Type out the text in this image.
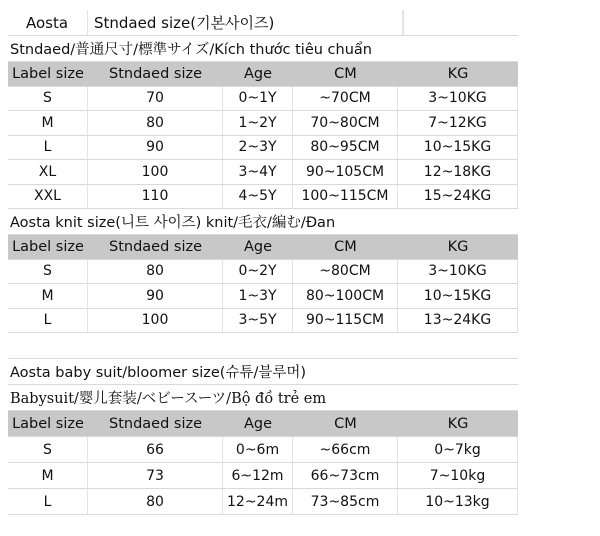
Aosta	Stndaed size(기본사이즈)
Stndaed/普通尺寸/標準サイズ/Kích thước tiêu chuẩn
Label size	Stndaed size	Age	CM	KG
S	70	0~1Y	~70CM	3~10KG
M	80	1~2Y	70~80CM	7~12KG
L	90	2~3Y	80~95CM	10~15KG
XL	100	3~4Y	90~105CM	12~18KG
XXL	110	4~5Y	100~115CM	15~24KG
Aosta knit size(니트 사이즈) knit/毛衣/編む/Đan
Label size	Stndaed size	Age	CM	KG
S	80	0~2Y	~80CM	3~10KG
M	90	1~3Y	80~100CM	10~15KG
L	100	3~5Y	90~115CM	13~24KG
Aosta baby suit/bloomer size(슈튜/블루머)
Babysuit/婴儿套装/ベビースーツ/Bộ đồ trẻ em
Label size	Stndaed size	Age	CM	KG
S	66	0~6m	~66cm	0~7kg
M	73	6~12m	66~73cm	7~10kg
L	80	12~24m	73~85cm	10~13kg
